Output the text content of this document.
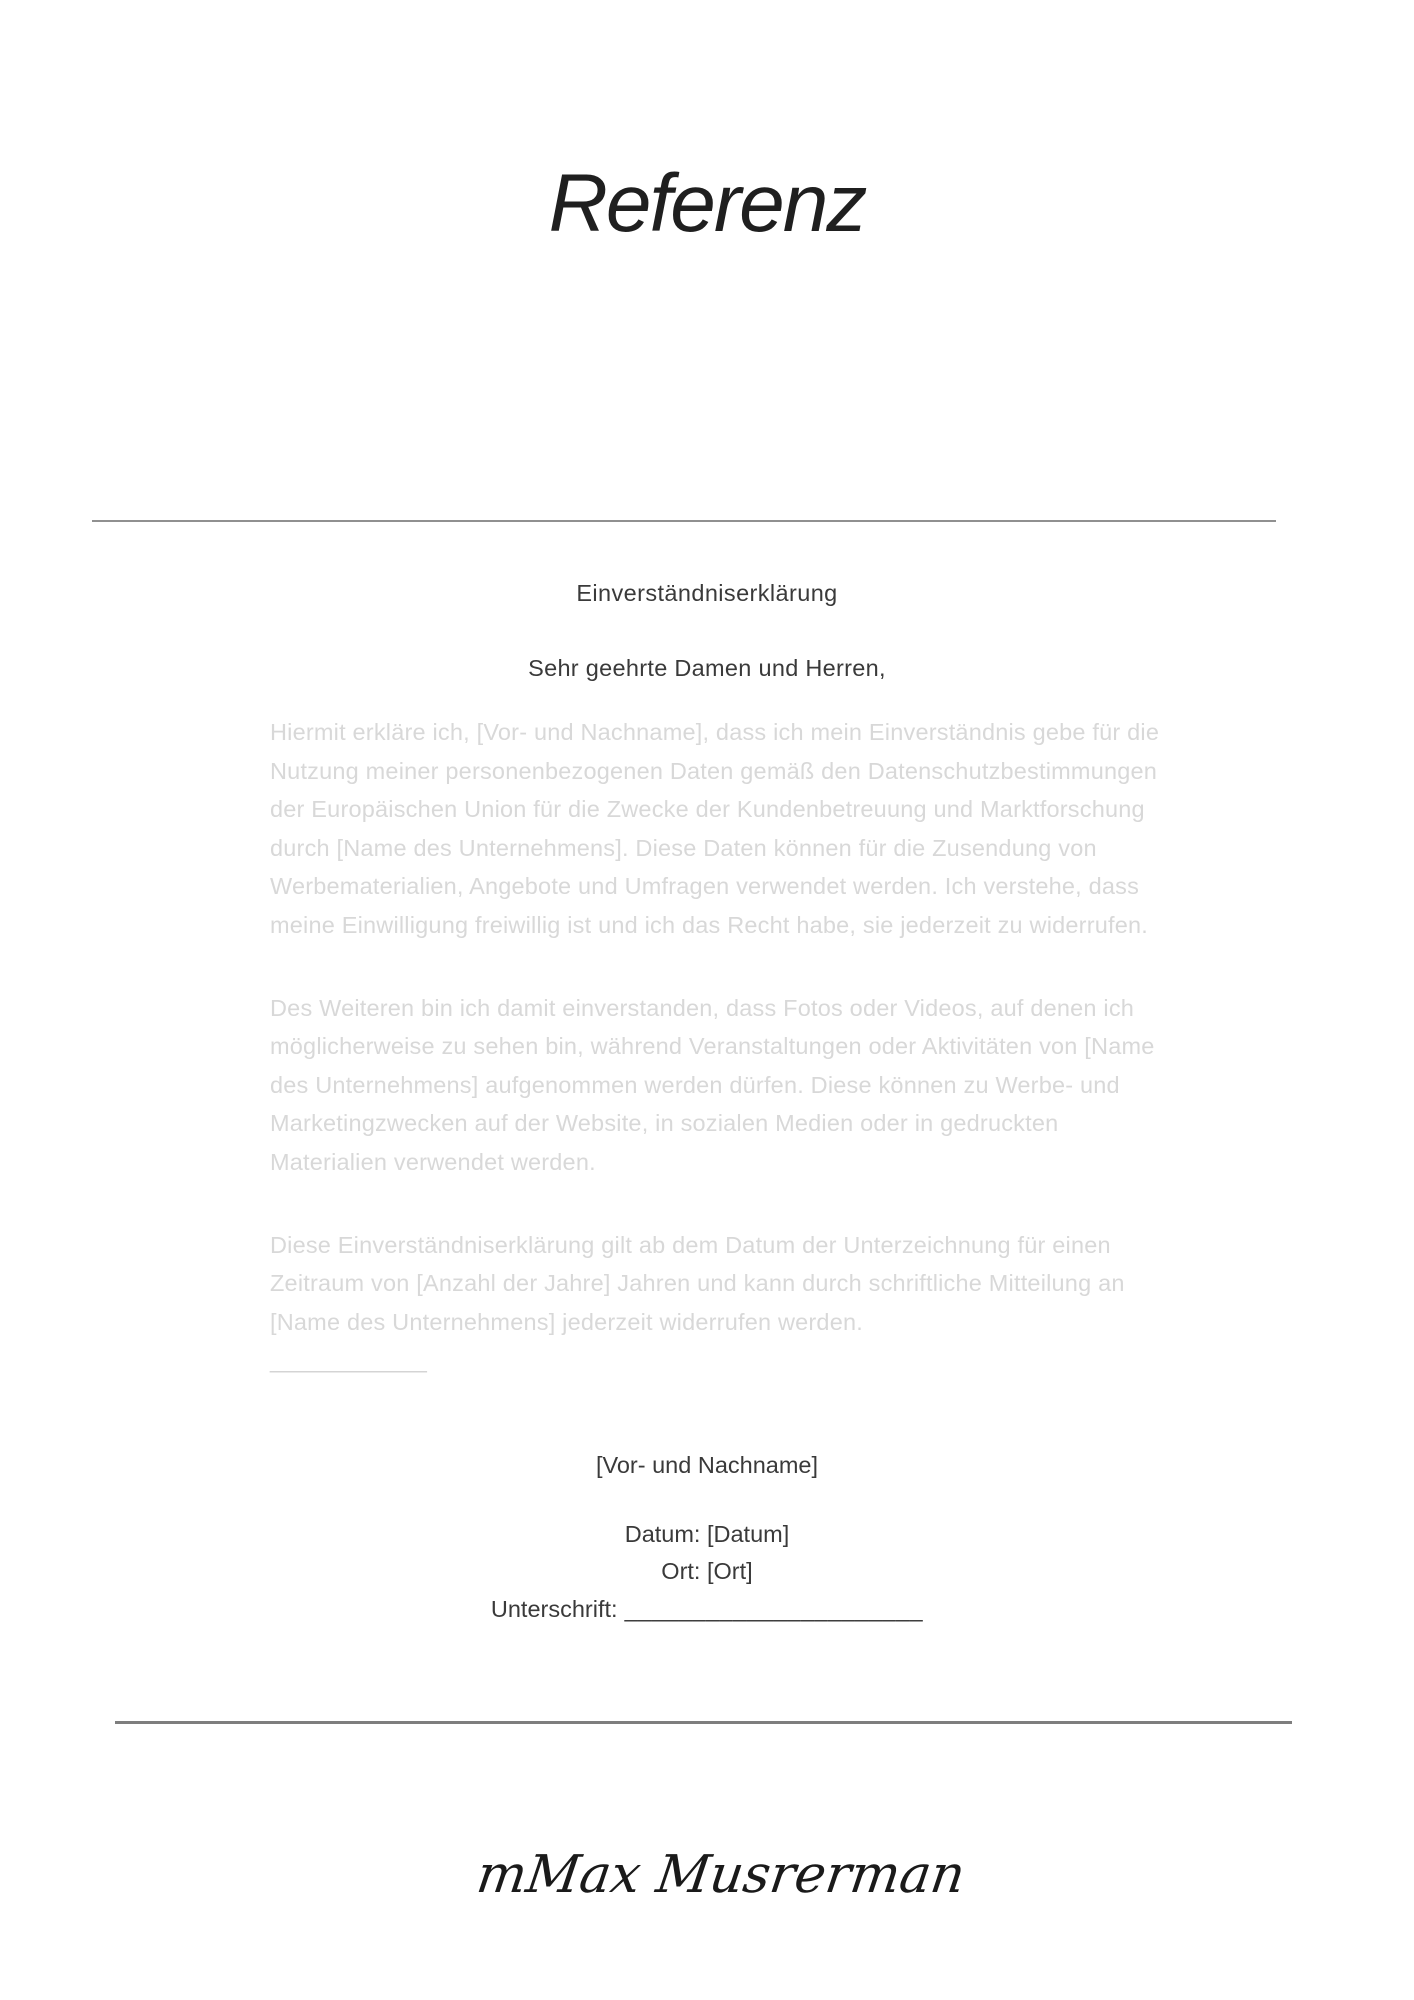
Referenz
Einverständniserklärung
Sehr geehrte Damen und Herren,
Hiermit erkläre ich, [Vor- und Nachname], dass ich mein Einverständnis gebe für die
Nutzung meiner personenbezogenen Daten gemäß den Datenschutzbestimmungen
der Europäischen Union für die Zwecke der Kundenbetreuung und Marktforschung
durch [Name des Unternehmens]. Diese Daten können für die Zusendung von
Werbematerialien, Angebote und Umfragen verwendet werden. Ich verstehe, dass
meine Einwilligung freiwillig ist und ich das Recht habe, sie jederzeit zu widerrufen.
Des Weiteren bin ich damit einverstanden, dass Fotos oder Videos, auf denen ich
möglicherweise zu sehen bin, während Veranstaltungen oder Aktivitäten von [Name
des Unternehmens] aufgenommen werden dürfen. Diese können zu Werbe- und
Marketingzwecken auf der Website, in sozialen Medien oder in gedruckten
Materialien verwendet werden.
Diese Einverständniserklärung gilt ab dem Datum der Unterzeichnung für einen
Zeitraum von [Anzahl der Jahre] Jahren und kann durch schriftliche Mitteilung an
[Name des Unternehmens] jederzeit widerrufen werden.
____________
[Vor- und Nachname]
Datum: [Datum]
Ort: [Ort]
Unterschrift: ______________________
mMax Musrerman
